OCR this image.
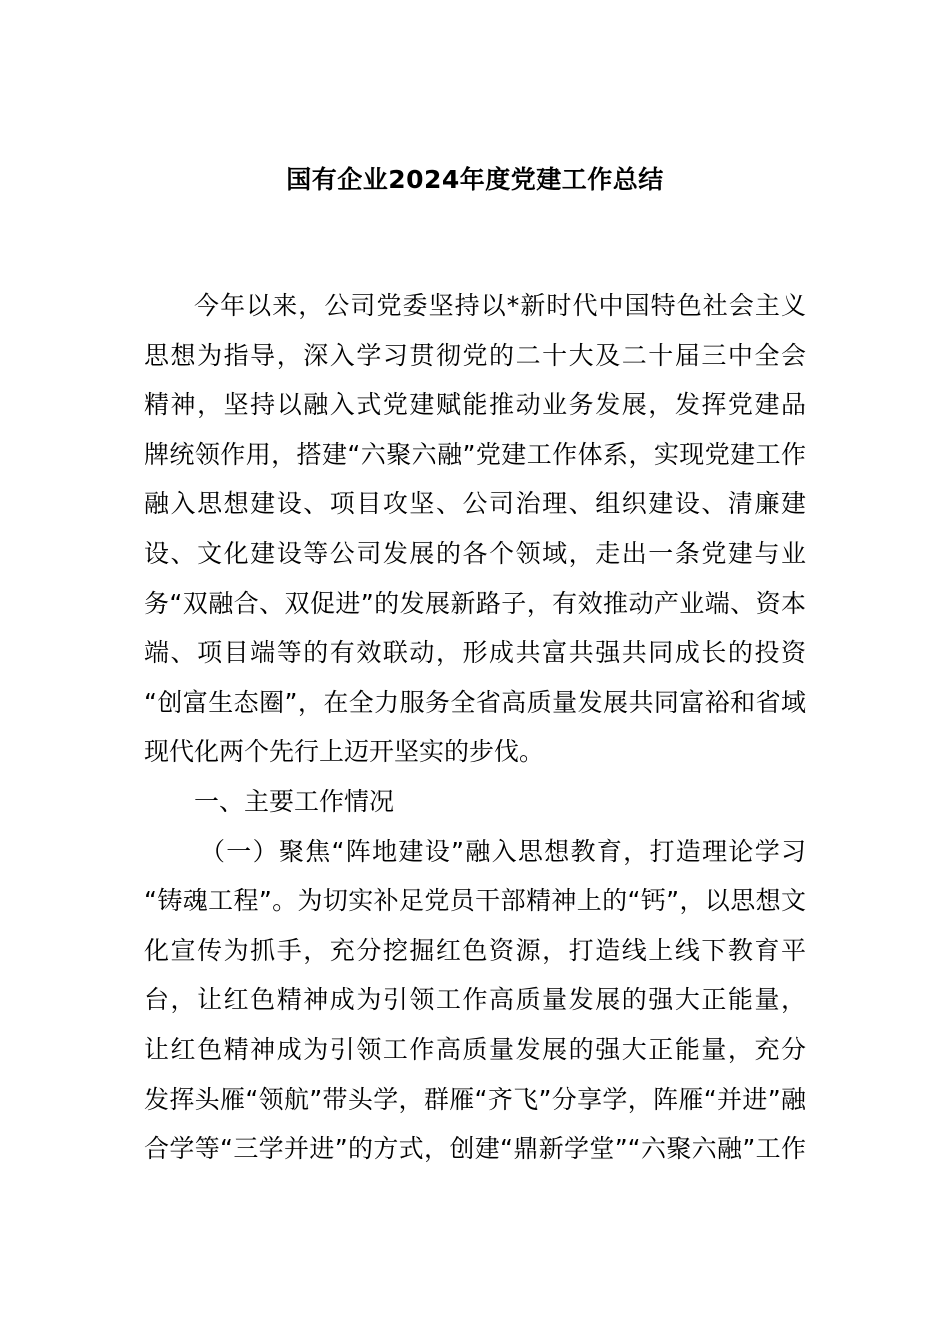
国有企业2024年度党建工作总结
今年以来，公司党委坚持以*新时代中国特色社会主义
思想为指导，深入学习贯彻党的二十大及二十届三中全会
精神，坚持以融入式党建赋能推动业务发展，发挥党建品
牌统领作用，搭建“六聚六融”党建工作体系，实现党建工作
融入思想建设、项目攻坚、公司治理、组织建设、清廉建
设、文化建设等公司发展的各个领域，走出一条党建与业
务“双融合、双促进”的发展新路子，有效推动产业端、资本
端、项目端等的有效联动，形成共富共强共同成长的投资
“创富生态圈”，在全力服务全省高质量发展共同富裕和省域
现代化两个先行上迈开坚实的步伐。
一、主要工作情况
（一）聚焦“阵地建设”融入思想教育，打造理论学习
“铸魂工程”。为切实补足党员干部精神上的“钙”，以思想文
化宣传为抓手，充分挖掘红色资源，打造线上线下教育平
台，让红色精神成为引领工作高质量发展的强大正能量，
让红色精神成为引领工作高质量发展的强大正能量，充分
发挥头雁“领航”带头学，群雁“齐飞”分享学，阵雁“并进”融
合学等“三学并进”的方式，创建“鼎新学堂”“六聚六融”工作
